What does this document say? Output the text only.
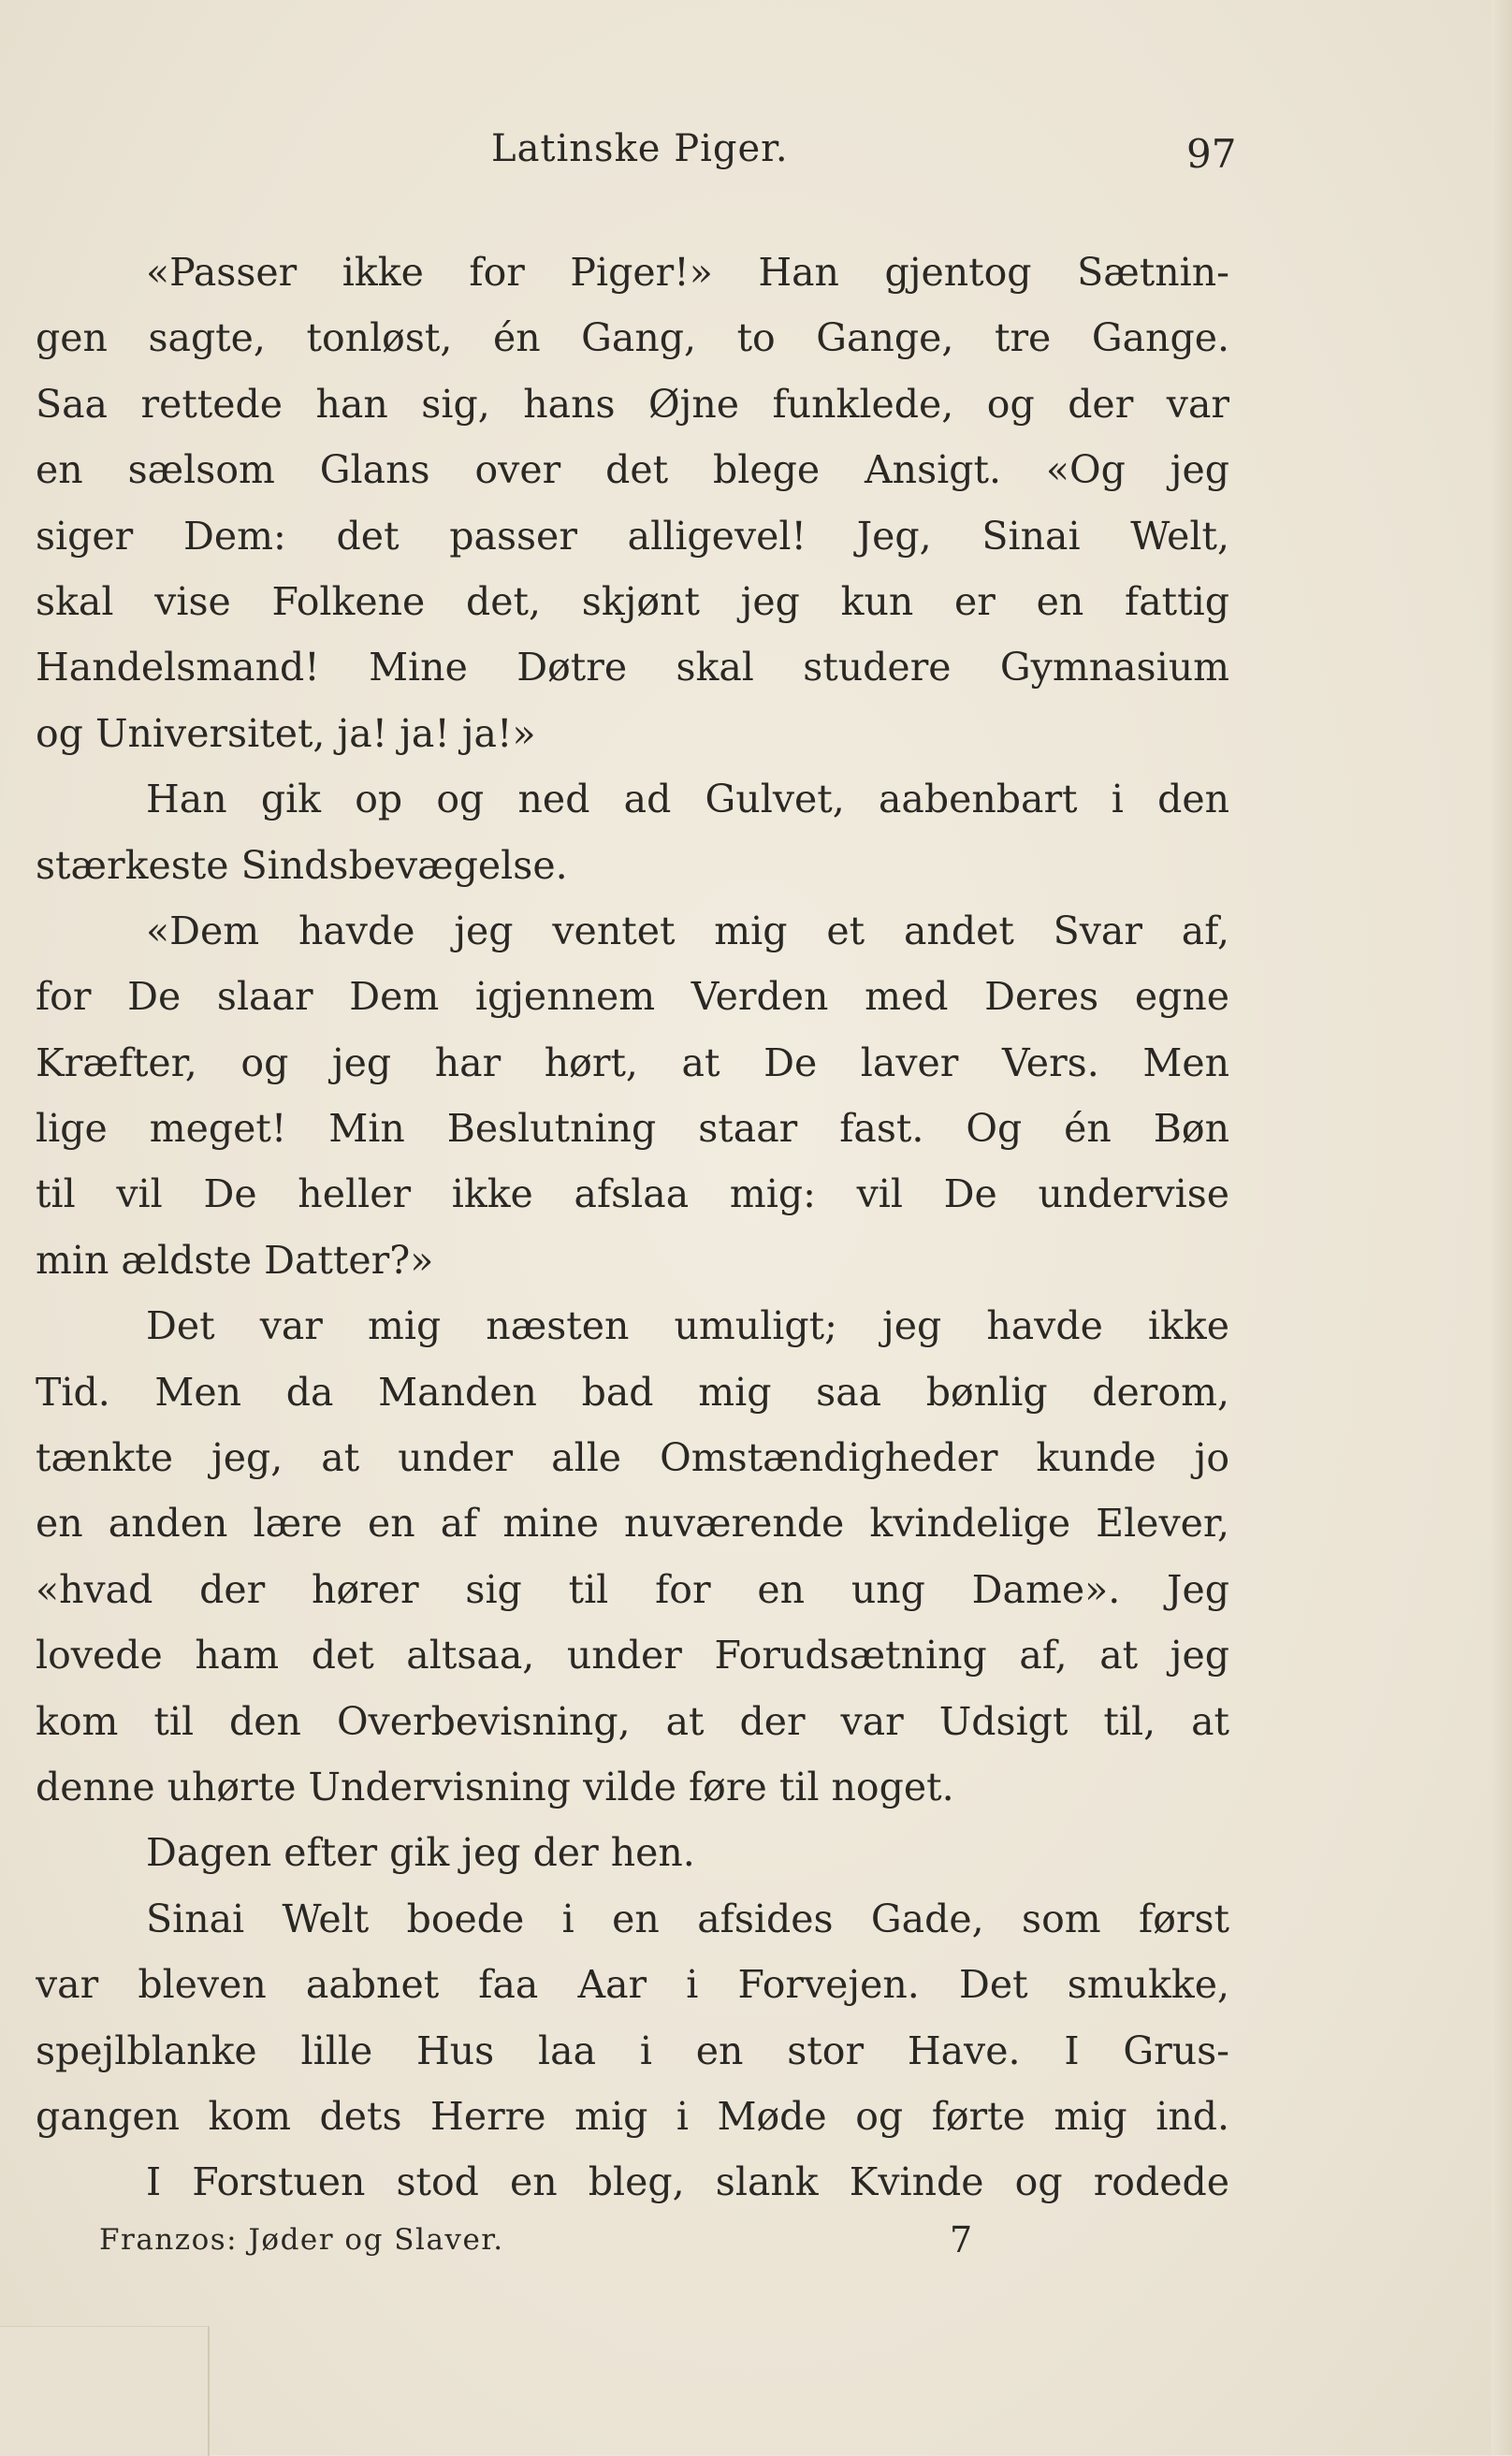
Latinske Piger.	97
«Passer ikke for Piger!» Han gjentog Sætnin-
gen sagte, tonløst, én Gang, to Gange, tre Gange.
Saa rettede han sig, hans Øjne funklede, og der var
en sælsom Glans over det blege Ansigt. «Og jeg
siger Dem: det passer alligevel! Jeg, Sinai Welt,
skal vise Folkene det, skjønt jeg kun er en fattig
Handelsmand! Mine Døtre skal studere Gymnasium
og Universitet, ja! ja! ja!»
Han gik op og ned ad Gulvet, aabenbart i den
stærkeste Sindsbevægelse.
«Dem havde jeg ventet mig et andet Svar af,
for De slaar Dem igjennem Verden med Deres egne
Kræfter, og jeg har hørt, at De laver Vers. Men
lige meget! Min Beslutning staar fast. Og én Bøn
til vil De heller ikke afslaa mig: vil De undervise
min ældste Datter?»
Det var mig næsten umuligt; jeg havde ikke
Tid. Men da Manden bad mig saa bønlig derom,
tænkte jeg, at under alle Omstændigheder kunde jo
en anden lære en af mine nuværende kvindelige Elever,
«hvad der hører sig til for en ung Dame». Jeg
lovede ham det altsaa, under Forudsætning af, at jeg
kom til den Overbevisning, at der var Udsigt til, at
denne uhørte Undervisning vilde føre til noget.
Dagen efter gik jeg der hen.
Sinai Welt boede i en afsides Gade, som først
var bleven aabnet faa Aar i Forvejen. Det smukke,
spejlblanke lille Hus laa i en stor Have. I Grus-
gangen kom dets Herre mig i Møde og førte mig ind.
I Forstuen stod en bleg, slank Kvinde og rodede
Franzos: Jøder og Slaver.	7
